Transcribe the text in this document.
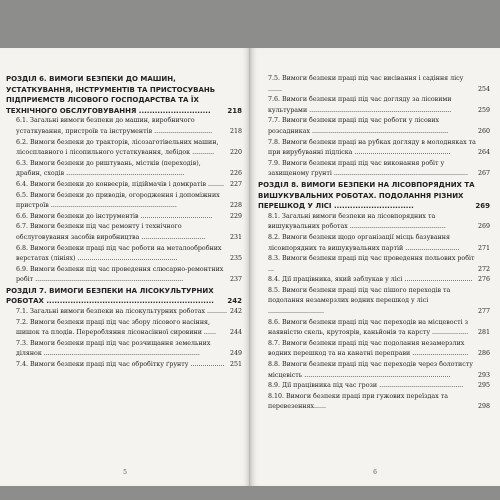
РОЗДІЛ 6. ВИМОГИ БЕЗПЕКИ ДО МАШИН, УСТАТКУВАННЯ, ІНСТРУМЕНТІВ ТА ПРИСТОСУВАНЬ ПІДПРИЄМСТВ ЛІСОВОГО ГОСПОДАРСТВА ТА ЇХ ТЕХНІЧНОГО ОБСЛУГОВУВАННЯ ........................... 218
6.1. Загальні вимоги безпеки до машин, виробничого устаткування, пристроїв та інструментів .............................	218
6.2. Вимоги безпеки до тракторів, лісозаготівельних машин, лісосплавного і лісопильного устаткування, лебідок ...........	220
6.3. Вимоги безпеки до риштувань, містків (переходів), драбин, сходів ...........................................................	226
6.4. Вимоги безпеки до конвеєрів, підіймачів і домкратів ........ 227
6.5. Вимоги безпеки до приводів, огородження і допоміжних пристроїв ...............................................................	228
6.6. Вимоги безпеки до інструментів ....................................	229
6.7. Вимоги безпеки під час ремонту і технічного обслуговування засобів виробництва ................................	231
6.8. Вимоги безпеки праці під час роботи на металообробних верстатах (лініях) ..................................................	235
6.9. Вимоги безпеки під час проведення слюсарно-ремонтних робіт ..........................................................................	237
РОЗДІЛ 7. ВИМОГИ БЕЗПЕКИ НА ЛІСОКУЛЬТУРНИХ РОБОТАХ ............................................................... 242
7.1. Загальні вимоги безпеки на лісокультурних роботах .......... 242
7.2. Вимоги безпеки праці під час збору лісового насіння, шишок та плодів. Переробляння лісонасінної сировини ...... 244
7.3. Вимоги безпеки праці під час розчищання земельних ділянок ..............................................................................	249
7.4. Вимоги безпеки праці під час обробітку ґрунту ................. 251
5
7.5. Вимоги безпеки праці під час висівання і садіння лісу .......	254
7.6. Вимоги безпеки праці під час догляду за лісовими культурами .......................................................................	259
7.7. Вимоги безпеки праці під час роботи у лісових розсадниках ....................................................................	260
7.8. Вимоги безпеки праці на рубках догляду в молодняках та при вирубуванні підліска ................................................	264
7.9. Вимоги безпеки праці під час виконання робіт у захищеному ґрунті ................................................................... 267
РОЗДІЛ 8. ВИМОГИ БЕЗПЕКИ НА ЛІСОВПОРЯДНИХ ТА ВИШУКУВАЛЬНИХ РОБОТАХ. ПОДОЛАННЯ РІЗНИХ ПЕРЕШКОД У ЛІСІ ..............................	269
8.1. Загальні вимоги безпеки на лісовпорядних та вишукувальних роботах ................................................	269
8.2. Вимоги безпеки щодо організації місць базування лісовпорядних та вишукувальних партій ...........................	271
8.3. Вимоги безпеки праці під час проведення польових робіт ...	272
8.4. Дії працівника, який заблукав у лісі .................................. 276
8.5. Вимоги безпеки праці під час пішого переходів та подолання незамерзлих водних перешкод у лісі ............................	277
8.6. Вимоги безпеки праці під час переходів на місцевості з наявністю скель, крутоярів, каньйонів та карсту .................. 281
8.7. Вимоги безпеки праці під час подолання незамерзлих водних перешкод та на канатні переправи ............................ 286
8.8. Вимоги безпеки праці під час переходів через болотисту місцевість .........................................................................	293
8.9. Дії працівника під час грози .......................................... 295
8.10. Вимоги безпеки праці при гужових переїздах та перевезеннях......	298
6
